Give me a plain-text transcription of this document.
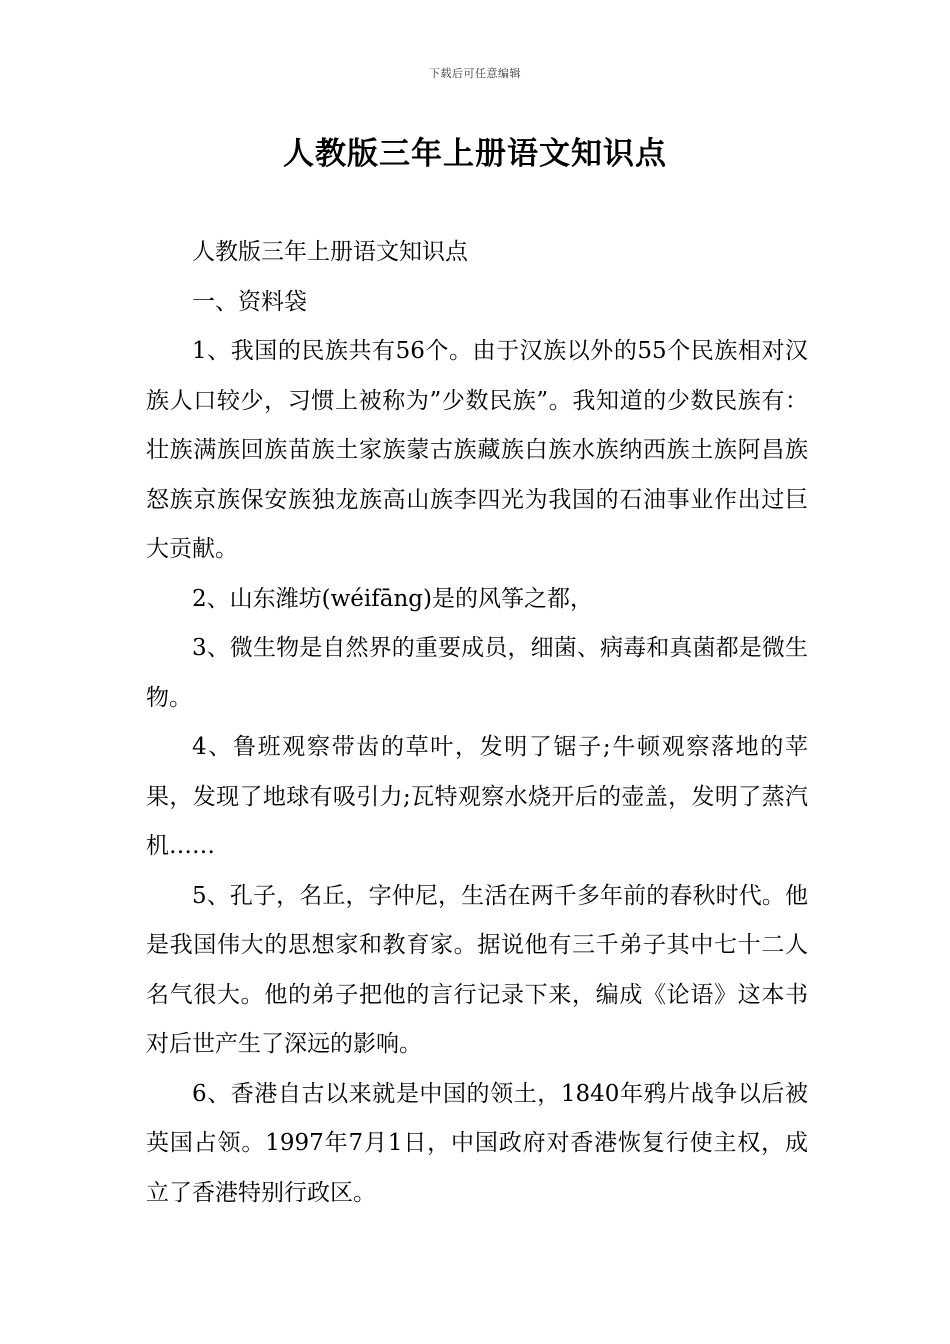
下载后可任意编辑
人教版三年上册语文知识点

人教版三年上册语文知识点

一、资料袋

1、我国的民族共有56个。由于汉族以外的55个民族相对汉族人口较少，习惯上被称为”少数民族”。我知道的少数民族有：壮族满族回族苗族土家族蒙古族藏族白族水族纳西族土族阿昌族怒族京族保安族独龙族高山族李四光为我国的石油事业作出过巨大贡献。

2、山东潍坊(wéifāng)是的风筝之都，

3、微生物是自然界的重要成员，细菌、病毒和真菌都是微生物。

4、鲁班观察带齿的草叶，发明了锯子;牛顿观察落地的苹果，发现了地球有吸引力;瓦特观察水烧开后的壶盖，发明了蒸汽机……

5、孔子，名丘，字仲尼，生活在两千多年前的春秋时代。他是我国伟大的思想家和教育家。据说他有三千弟子其中七十二人名气很大。他的弟子把他的言行记录下来，编成《论语》这本书对后世产生了深远的影响。

6、香港自古以来就是中国的领土，1840年鸦片战争以后被英国占领。1997年7月1日，中国政府对香港恢复行使主权，成立了香港特别行政区。
